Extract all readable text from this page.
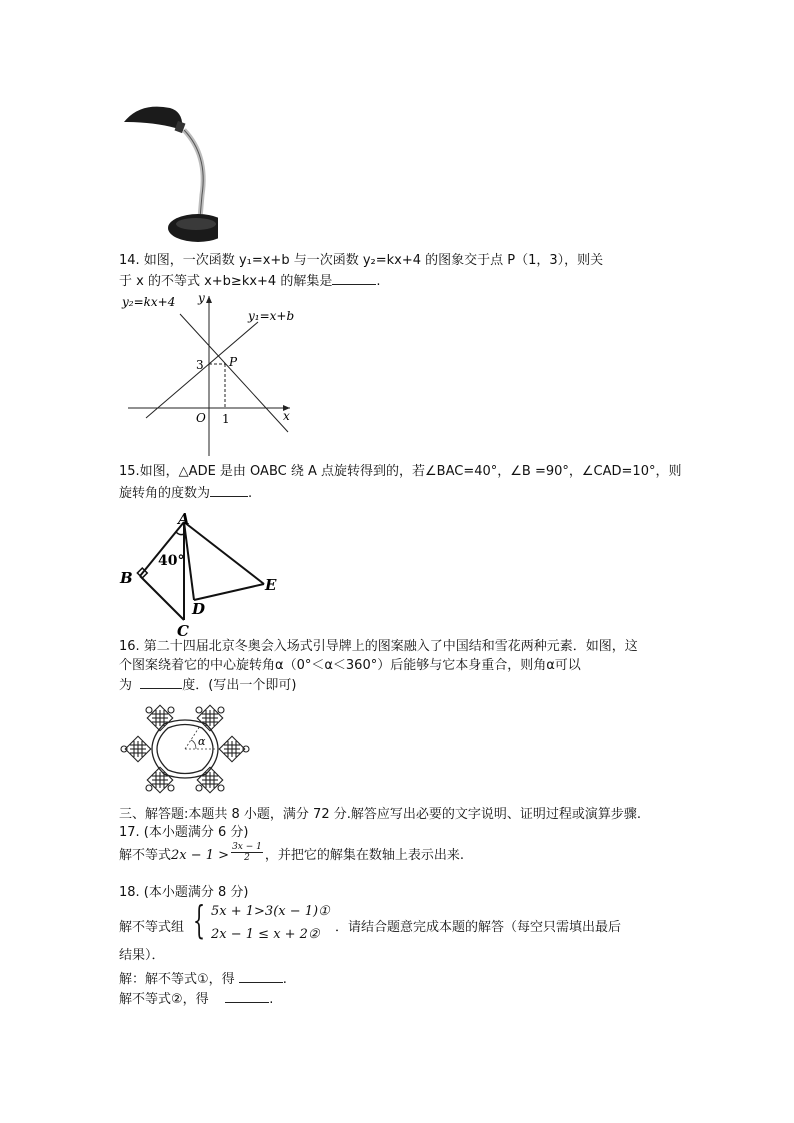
14. 如图，一次函数 y₁=x+b 与一次函数 y₂=kx+4 的图象交于点 P（1，3），则关
于 x 的不等式 x+b≥kx+4 的解集是	.
y₂=kx+4
y₁=x+b
y
x
O 1
3 P
15.如图，△ADE 是由 OABC 绕 A 点旋转得到的，若∠BAC=40°，∠B =90°，∠CAD=10°，则
旋转角的度数为	.
A
B
C
D
E
40°
16. 第二十四届北京冬奥会入场式引导牌上的图案融入了中国结和雪花两种元素．如图，这
个图案绕着它的中心旋转角α（0°＜α＜360°）后能够与它本身重合，则角α可以
为	度．(写出一个即可)
α
三、解答题:本题共 8 小题，满分 72 分.解答应写出必要的文字说明、证明过程或演算步骤.
17. (本小题满分 6 分)
解不等式$2x - 1 > \frac{3x - 1}{2}$ ，并把它的解集在数轴上表示出来.
18. (本小题满分 8 分)
解不等式组 { 5x + 1>3(x − 1)①
2x − 1 ≤ x + 2② ．请结合题意完成本题的解答（每空只需填出最后
结果）．
解：解不等式①，得	.
解不等式②，得	.
